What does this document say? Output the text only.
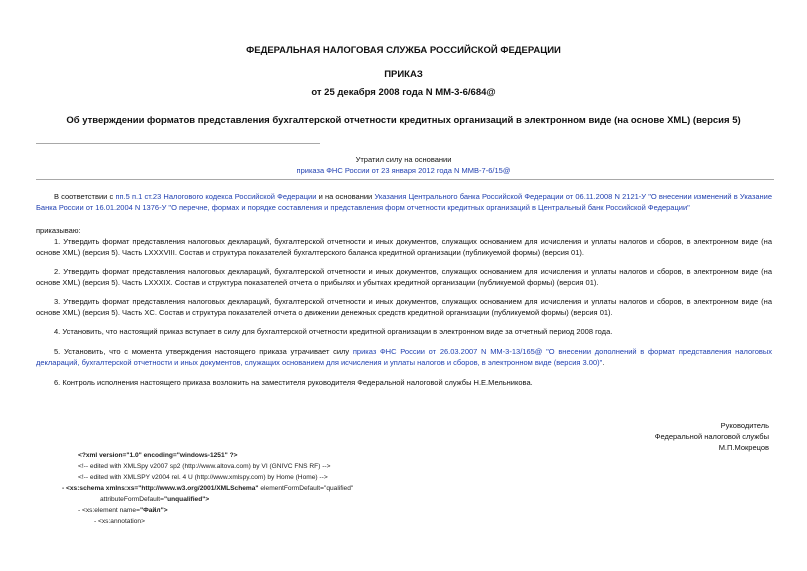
ФЕДЕРАЛЬНАЯ НАЛОГОВАЯ СЛУЖБА РОССИЙСКОЙ ФЕДЕРАЦИИ
ПРИКАЗ
от 25 декабря 2008 года N ММ-3-6/684@
Об утверждении форматов представления бухгалтерской отчетности кредитных организаций в электронном виде (на основе XML) (версия 5)
Утратил силу на основании
приказа ФНС России от 23 января 2012 года N ММВ-7-6/15@
В соответствии с пп.5 п.1 ст.23 Налогового кодекса Российской Федерации и на основании Указания Центрального банка Российской Федерации от 06.11.2008 N 2121-У "О внесении изменений в Указание Банка России от 16.01.2004 N 1376-У "О перечне, формах и порядке составления и представления форм отчетности кредитных организаций в Центральный банк Российской Федерации"
приказываю:
1. Утвердить формат представления налоговых деклараций, бухгалтерской отчетности и иных документов, служащих основанием для исчисления и уплаты налогов и сборов, в электронном виде (на основе XML) (версия 5). Часть LXXXVIII. Состав и структура показателей бухгалтерского баланса кредитной организации (публикуемой формы) (версия 01).
2. Утвердить формат представления налоговых деклараций, бухгалтерской отчетности и иных документов, служащих основанием для исчисления и уплаты налогов и сборов, в электронном виде (на основе XML) (версия 5). Часть LXXXIX. Состав и структура показателей отчета о прибылях и убытках кредитной организации (публикуемой формы) (версия 01).
3. Утвердить формат представления налоговых деклараций, бухгалтерской отчетности и иных документов, служащих основанием для исчисления и уплаты налогов и сборов, в электронном виде (на основе XML) (версия 5). Часть XC. Состав и структура показателей отчета о движении денежных средств кредитной организации (публикуемой формы) (версия 01).
4. Установить, что настоящий приказ вступает в силу для бухгалтерской отчетности кредитной организации в электронном виде за отчетный период 2008 года.
5. Установить, что с момента утверждения настоящего приказа утрачивает силу приказ ФНС России от 26.03.2007 N ММ-3-13/165@ "О внесении дополнений в формат представления налоговых деклараций, бухгалтерской отчетности и иных документов, служащих основанием для исчисления и уплаты налогов и сборов, в электронном виде (версия 3.00)".
6. Контроль исполнения настоящего приказа возложить на заместителя руководителя Федеральной налоговой службы Н.Е.Мельникова.
Руководитель
Федеральной налоговой службы
М.П.Мокрецов
<?xml version="1.0" encoding="windows-1251" ?>
<!-- edited with XMLSpy v2007 sp2 (http://www.altova.com) by VI (GNIVC FNS RF) -->
<!-- edited with XMLSPY v2004 rel. 4 U (http://www.xmlspy.com) by Home (Home) -->
- <xs:schema xmlns:xs="http://www.w3.org/2001/XMLSchema" elementFormDefault="qualified"
attributeFormDefault="unqualified">
- <xs:element name="Файл">
- <xs:annotation>
